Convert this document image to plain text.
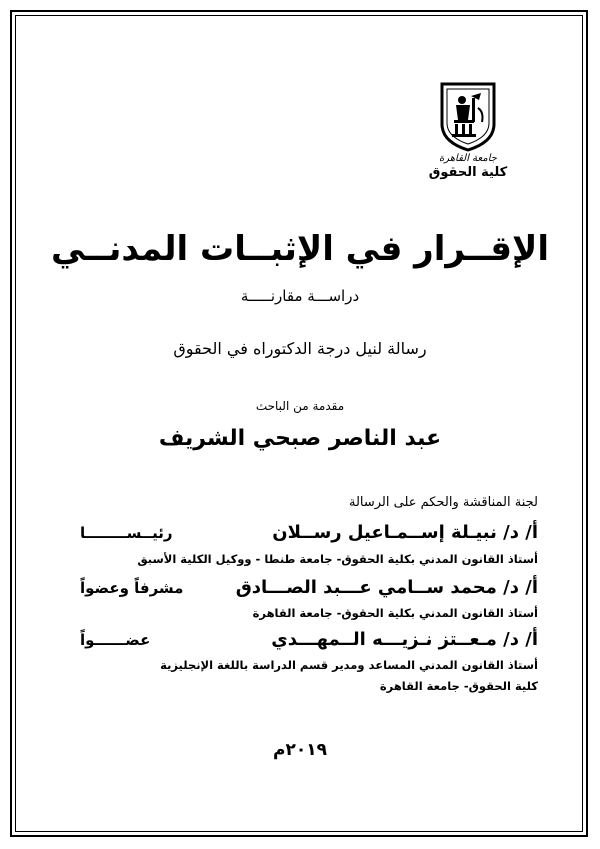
جامعة القاهرة
كلية الحقوق
الإقــرار في الإثبــات المدنــي
دراســـة مقارنـــــة
رسالة لنيل درجة الدكتوراه في الحقوق
مقدمة من الباحث
عبد الناصر صبحي الشريف
لجنة المناقشة والحكم على الرسالة
أ/ د/ نبيـلة إســمـاعيل رســلان
رئيــســــــــا
أستاذ القانون المدني بكلية الحقوق- جامعة طنطا - ووكيل الكلية الأسبق
أ/ د/ محمد ســامي عـــبد الصـــادق
مشرفاً وعضواً
أستاذ القانون المدني بكلية الحقوق- جامعة القاهرة
أ/ د/ مـعــتز نـزيـــه الــمهـــدي
عضــــــواً
أستاذ القانون المدني المساعد ومدير قسم الدراسة باللغة الإنجليزية
كلية الحقوق- جامعة القاهرة
٢٠١٩م
